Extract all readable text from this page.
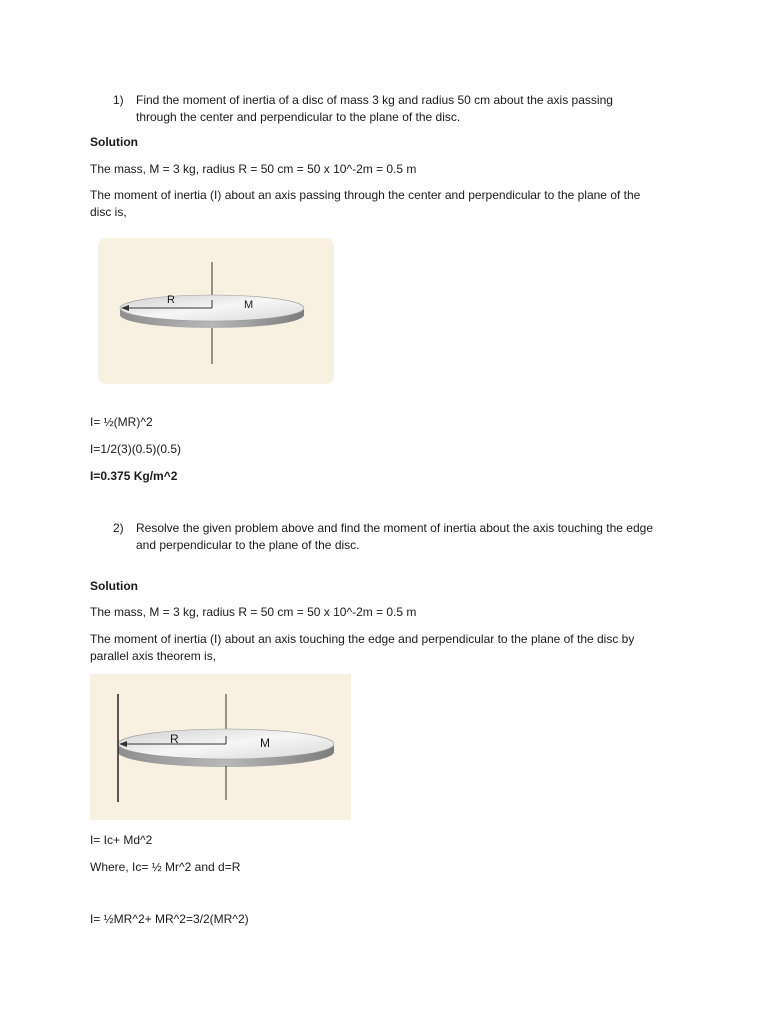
1) Find the moment of inertia of a disc of mass 3 kg and radius 50 cm about the axis passing
through the center and perpendicular to the plane of the disc.
Solution
The mass, M = 3 kg, radius R = 50 cm = 50 x 10^-2m = 0.5 m
The moment of inertia (I) about an axis passing through the center and perpendicular to the plane of the
disc is,
R	M
I= ½(MR)^2
I=1/2(3)(0.5)(0.5)
I=0.375 Kg/m^2
2) Resolve the given problem above and find the moment of inertia about the axis touching the edge
and perpendicular to the plane of the disc.
Solution
The mass, M = 3 kg, radius R = 50 cm = 50 x 10^-2m = 0.5 m
The moment of inertia (I) about an axis touching the edge and perpendicular to the plane of the disc by
parallel axis theorem is,
R	M
I= Ic+ Md^2
Where, Ic= ½ Mr^2 and d=R
I= ½MR^2+ MR^2=3/2(MR^2)
